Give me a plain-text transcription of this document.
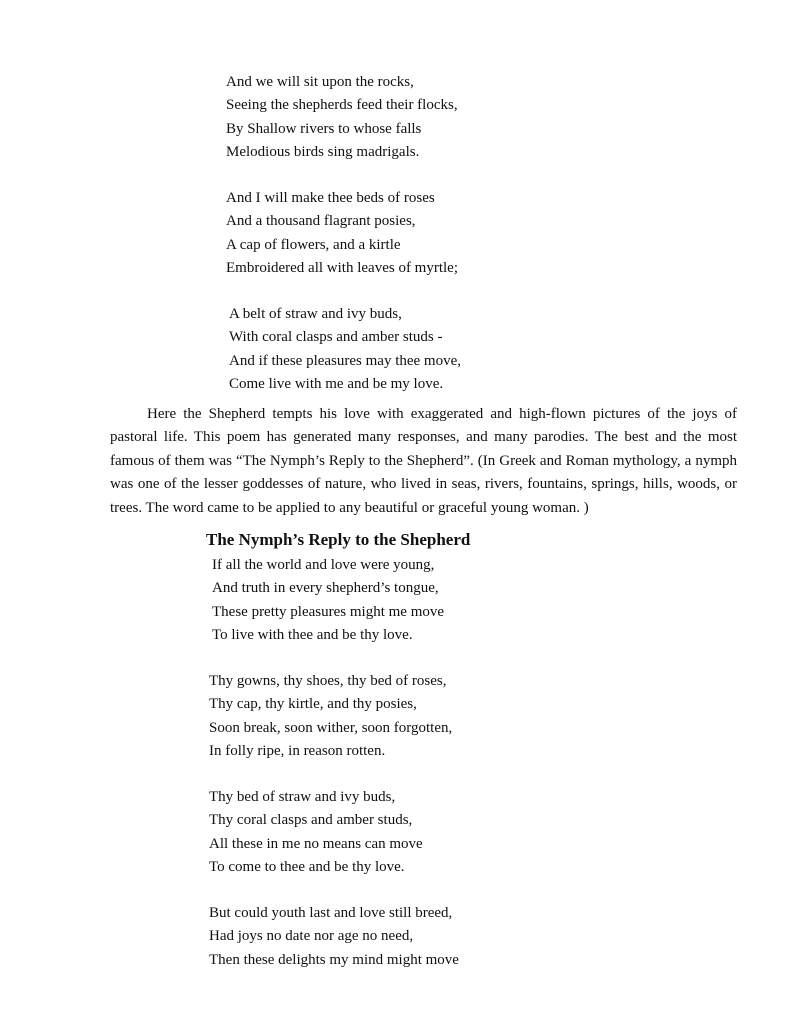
And we will sit upon the rocks,
Seeing the shepherds feed their flocks,
By Shallow rivers to whose falls
Melodious birds sing madrigals.
And I will make thee beds of roses
And a thousand flagrant posies,
A cap of flowers, and a kirtle
Embroidered all with leaves of myrtle;
A belt of straw and ivy buds,
With coral clasps and amber studs -
And if these pleasures may thee move,
Come live with me and be my love.
Here the Shepherd tempts his love with exaggerated and high-flown pictures of the joys of pastoral life. This poem has generated many responses, and many parodies. The best and the most famous of them was “The Nymph’s Reply to the Shepherd”. (In Greek and Roman mythology, a nymph was one of the lesser goddesses of nature, who lived in seas, rivers, fountains, springs, hills, woods, or trees. The word came to be applied to any beautiful or graceful young woman. )
The Nymph’s Reply to the Shepherd
If all the world and love were young,
And truth in every shepherd’s tongue,
These pretty pleasures might me move
To live with thee and be thy love.
Thy gowns, thy shoes, thy bed of roses,
Thy cap, thy kirtle, and thy posies,
Soon break, soon wither, soon forgotten,
In folly ripe, in reason rotten.
Thy bed of straw and ivy buds,
Thy coral clasps and amber studs,
All these in me no means can move
To come to thee and be thy love.
But could youth last and love still breed,
Had joys no date nor age no need,
Then these delights my mind might move
